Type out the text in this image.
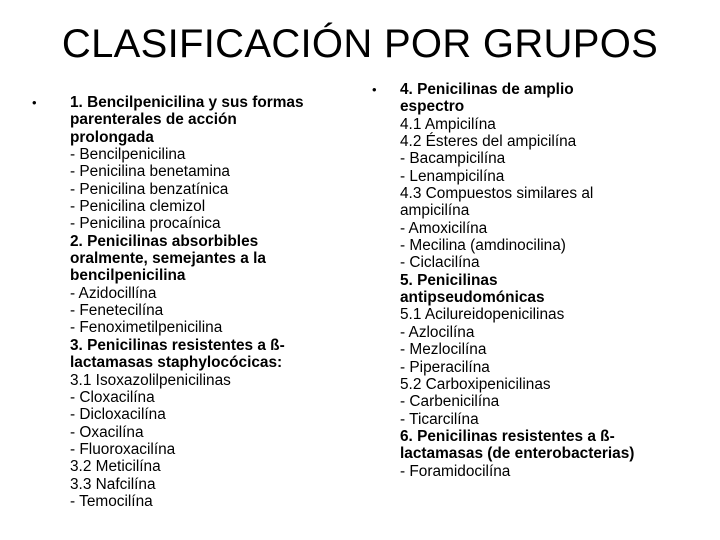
CLASIFICACIÓN POR GRUPOS
• 1. Bencilpenicilina y sus formas
parenterales de acción
prolongada
- Bencilpenicilina
- Penicilina benetamina
- Penicilina benzatínica
- Penicilina clemizol
- Penicilina procaínica
2. Penicilinas absorbibles
oralmente, semejantes a la
bencilpenicilina
- Azidocillína
- Fenetecilína
- Fenoximetilpenicilina
3. Penicilinas resistentes a ß-
lactamasas staphylocócicas:
3.1 Isoxazolilpenicilinas
- Cloxacilína
- Dicloxacilína
- Oxacilína
- Fluoroxacilína
3.2 Meticilína
3.3 Nafcilína
- Temocilína
• 4. Penicilinas de amplio
espectro
4.1 Ampicilína
4.2 Ésteres del ampicilína
- Bacampicilína
- Lenampicilína
4.3 Compuestos similares al
ampicilína
- Amoxicilína
- Mecilina (amdinocilina)
- Ciclacilína
5. Penicilinas
antipseudomónicas
5.1 Acilureidopenicilinas
- Azlocilína
- Mezlocilína
- Piperacilína
5.2 Carboxipenicilinas
- Carbenicilína
- Ticarcilína
6. Penicilinas resistentes a ß-
lactamasas (de enterobacterias)
- Foramidocilína
